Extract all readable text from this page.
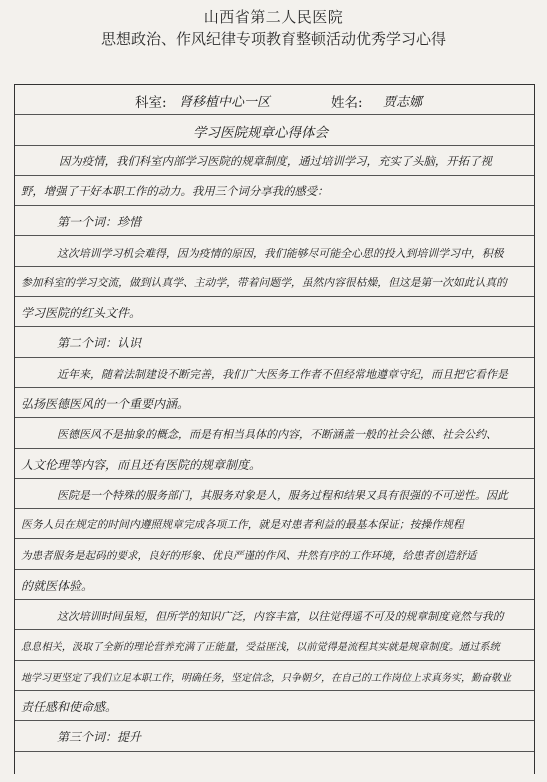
山西省第二人民医院
思想政治、作风纪律专项教育整顿活动优秀学习心得
科室: 肾移植中心一区	姓名: 贾志娜
学习医院规章心得体会
因为疫情，我们科室内部学习医院的规章制度，通过培训学习，充实了头脑，开拓了视
野，增强了干好本职工作的动力。我用三个词分享我的感受：
第一个词：珍惜
这次培训学习机会难得，因为疫情的原因，我们能够尽可能全心思的投入到培训学习中，积极
参加科室的学习交流，做到认真学、主动学，带着问题学，虽然内容很枯燥，但这是第一次如此认真的
学习医院的红头文件。
第二个词：认识
近年来，随着法制建设不断完善，我们广大医务工作者不但经常地遵章守纪，而且把它看作是
弘扬医德医风的一个重要内涵。
医德医风不是抽象的概念，而是有相当具体的内容，不断涵盖一般的社会公德、社会公约、
人文伦理等内容，而且还有医院的规章制度。
医院是一个特殊的服务部门，其服务对象是人，服务过程和结果又具有很强的不可逆性。因此
医务人员在规定的时间内遵照规章完成各项工作，就是对患者利益的最基本保证；按操作规程
为患者服务是起码的要求，良好的形象、优良严谨的作风、井然有序的工作环境，给患者创造舒适
的就医体验。
这次培训时间虽短，但所学的知识广泛，内容丰富，以往觉得遥不可及的规章制度竟然与我的
息息相关，汲取了全新的理论营养充满了正能量，受益匪浅，以前觉得是流程其实就是规章制度。通过系统
地学习更坚定了我们立足本职工作，明确任务，坚定信念，只争朝夕，在自己的工作岗位上求真务实，勤奋敬业
责任感和使命感。
第三个词：提升
